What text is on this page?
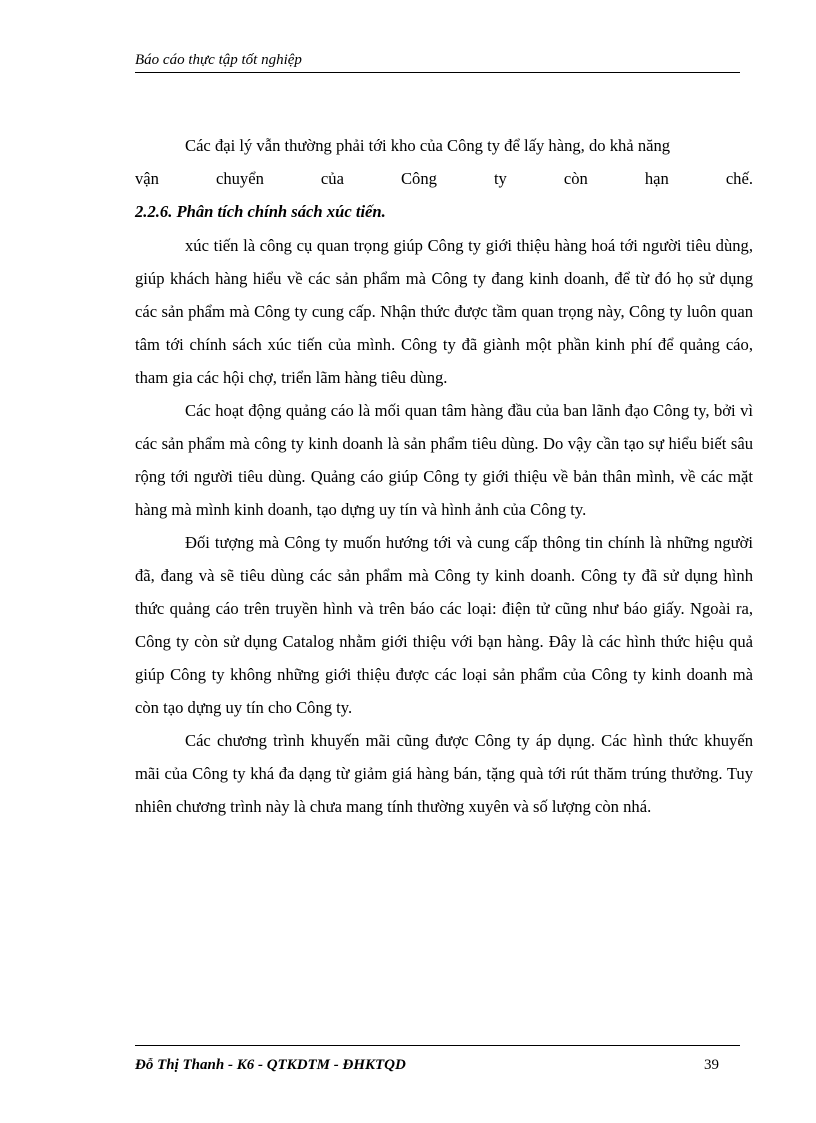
Báo cáo thực tập tốt nghiệp

Các đại lý vẫn thường phải tới kho của Công ty để lấy hàng, do khả năng

vận chuyển của Công ty còn hạn chế.

2.2.6. Phân tích chính sách xúc tiến.

xúc tiến là công cụ quan trọng giúp Công ty giới thiệu hàng hoá tới người tiêu dùng, giúp khách hàng hiểu về các sản phẩm mà Công ty đang kinh doanh, để từ đó họ sử dụng các sản phẩm mà Công ty cung cấp. Nhận thức được tầm quan trọng này, Công ty luôn quan tâm tới chính sách xúc tiến của mình. Công ty đã giành một phần kinh phí để quảng cáo, tham gia các hội chợ, triển lãm hàng tiêu dùng.

Các hoạt động quảng cáo là mối quan tâm hàng đầu của ban lãnh đạo Công ty, bởi vì các sản phẩm mà công ty kinh doanh là sản phẩm tiêu dùng. Do vậy cần tạo sự hiểu biết sâu rộng tới người tiêu dùng. Quảng cáo giúp Công ty giới thiệu về bản thân mình, về các mặt hàng mà mình kinh doanh, tạo dựng uy tín và hình ảnh của Công ty.

Đối tượng mà Công ty muốn hướng tới và cung cấp thông tin chính là những người đã, đang và sẽ tiêu dùng các sản phẩm mà Công ty kinh doanh. Công ty đã sử dụng hình thức quảng cáo trên truyền hình và trên báo các loại: điện tử cũng như báo giấy. Ngoài ra, Công ty còn sử dụng Catalog nhằm giới thiệu với bạn hàng. Đây là các hình thức hiệu quả giúp Công ty không những giới thiệu được các loại sản phẩm của Công ty kinh doanh mà còn tạo dựng uy tín cho Công ty.

Các chương trình khuyến mãi cũng được Công ty áp dụng. Các hình thức khuyến mãi của Công ty khá đa dạng từ giảm giá hàng bán, tặng quà tới rút thăm trúng thưởng. Tuy nhiên chương trình này là chưa mang tính thường xuyên và số lượng còn nhá.

Đỗ Thị Thanh - K6 - QTKDTM - ĐHKTQD	39
